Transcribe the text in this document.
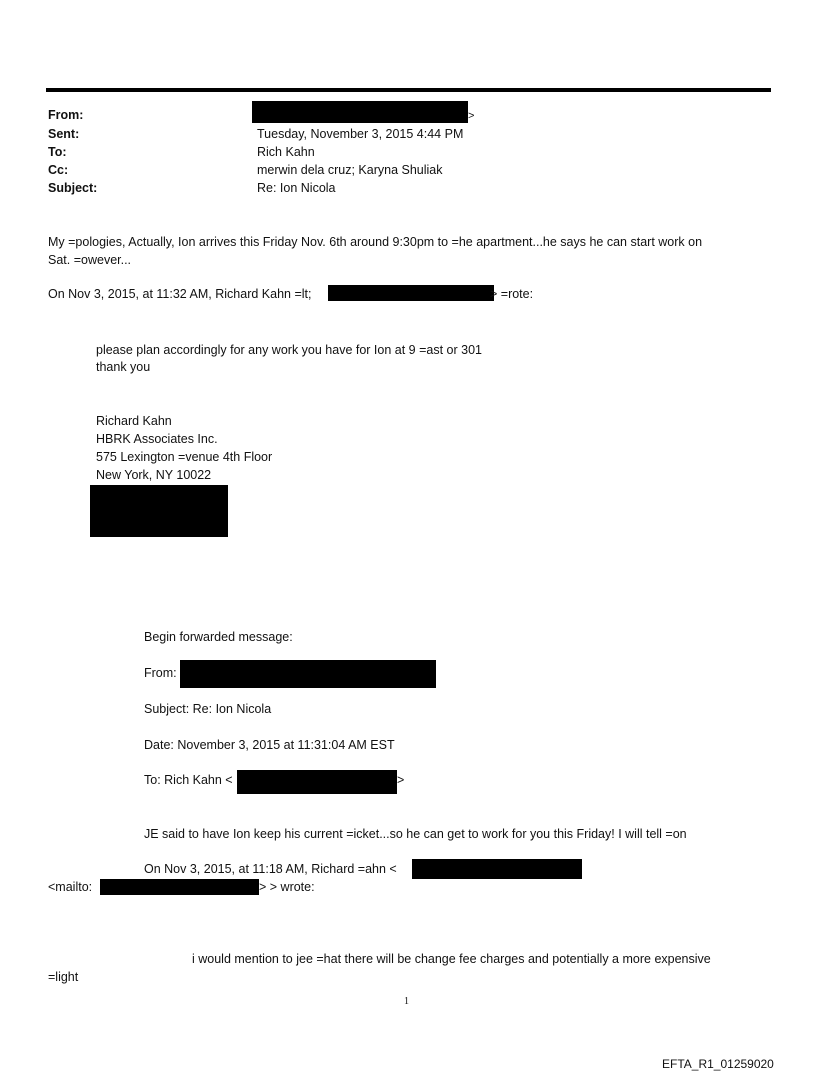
From:	>
Sent:	Tuesday, November 3, 2015 4:44 PM
To:	Rich Kahn
Cc:	merwin dela cruz; Karyna Shuliak
Subject:	Re: Ion Nicola
My =pologies, Actually, Ion arrives this Friday Nov. 6th around 9:30pm to =he apartment...he says he can start work on
Sat. =owever...
On Nov 3, 2015, at 11:32 AM, Richard Kahn =lt;	> =rote:
please plan accordingly for any work you have for Ion at 9 =ast or 301
thank you
Richard Kahn
HBRK Associates Inc.
575 Lexington =venue 4th Floor
New York, NY 10022
Begin forwarded message:
From:
Subject: Re: Ion Nicola
Date: November 3, 2015 at 11:31:04 AM EST
To: Rich Kahn <	>
JE said to have Ion keep his current =icket...so he can get to work for you this Friday! I will tell =on
On Nov 3, 2015, at 11:18 AM, Richard =ahn <
<mailto:	> > wrote:
i would mention to jee =hat there will be change fee charges and potentially a more expensive
=light
1
EFTA_R1_01259020
